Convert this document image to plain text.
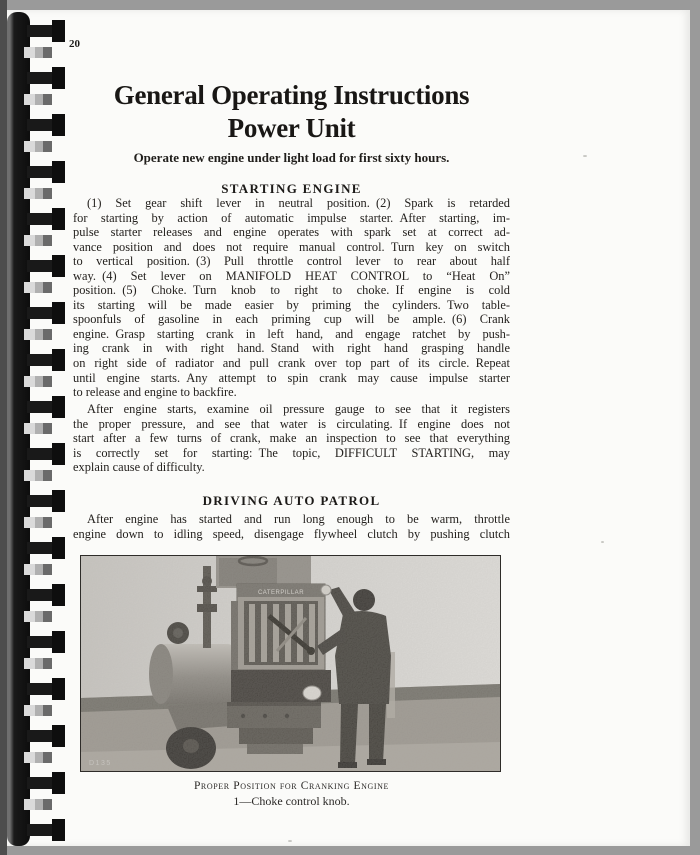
20
General Operating Instructions
Power Unit
Operate new engine under light load for first sixty hours.
STARTING ENGINE
(1) Set gear shift lever in neutral position. (2) Spark is retarded
for starting by action of automatic impulse starter. After starting, im-
pulse starter releases and engine operates with spark set at correct ad-
vance position and does not require manual control. Turn key on switch
to vertical position. (3) Pull throttle control lever to rear about half
way. (4) Set lever on MANIFOLD HEAT CONTROL to “Heat On”
position. (5) Choke. Turn knob to right to choke. If engine is cold
its starting will be made easier by priming the cylinders. Two table-
spoonfuls of gasoline in each priming cup will be ample. (6) Crank
engine. Grasp starting crank in left hand, and engage ratchet by push-
ing crank in with right hand. Stand with right hand grasping handle
on right side of radiator and pull crank over top part of its circle. Repeat
until engine starts. Any attempt to spin crank may cause impulse starter
to release and engine to backfire.
After engine starts, examine oil pressure gauge to see that it registers
the proper pressure, and see that water is circulating. If engine does not
start after a few turns of crank, make an inspection to see that everything
is correctly set for starting: The topic, DIFFICULT STARTING, may
explain cause of difficulty.
DRIVING AUTO PATROL
After engine has started and run long enough to be warm, throttle
engine down to idling speed, disengage flywheel clutch by pushing clutch
CATERPILLAR
D135
Proper Position for Cranking Engine
1—Choke control knob.
